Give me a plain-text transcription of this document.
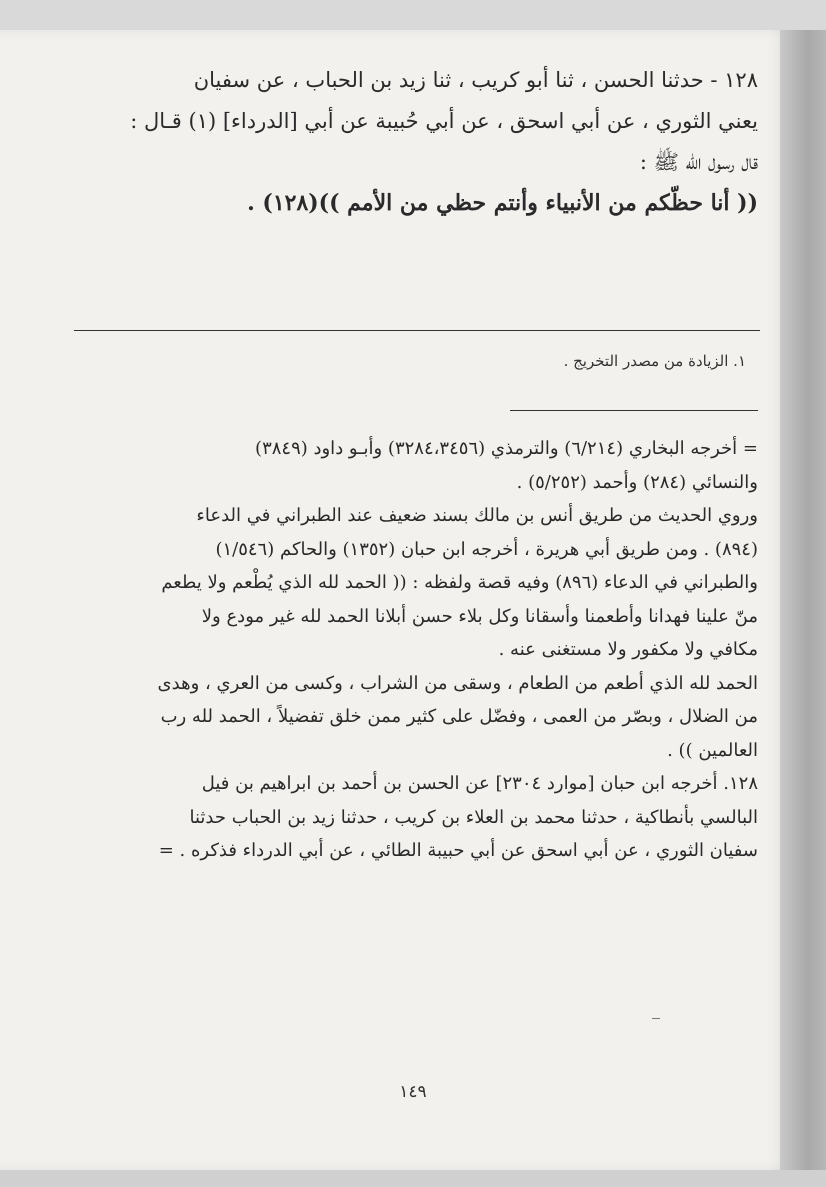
١٢٨ - حدثنا الحسن ، ثنا أبو كريب ، ثنا زيد بن الحباب ، عن سفيان
يعني الثوري ، عن أبي اسحق ، عن أبي حُبيبة عن أبي [الدرداء] (١) قـال :
قال رسول الله ﷺ :
(( أنا حظّكم من الأنبياء وأنتم حظي من الأمم ))(١٢٨) .
١. الزيادة من مصدر التخريج .
= أخرجه البخاري (٦/٢١٤) والترمذي (٣٢٨٤،٣٤٥٦) وأبـو داود (٣٨٤٩)
والنسائي (٢٨٤) وأحمد (٥/٢٥٢) .
وروي الحديث من طريق أنس بن مالك بسند ضعيف عند الطبراني في الدعاء
(٨٩٤) . ومن طريق أبي هريرة ، أخرجه ابن حبان (١٣٥٢) والحاكم (١/٥٤٦)
والطبراني في الدعاء (٨٩٦) وفيه قصة ولفظه : (( الحمد لله الذي يُطْعم ولا يطعم
منّ علينا فهدانا وأطعمنا وأسقانا وكل بلاء حسن أبلانا الحمد لله غير مودع ولا
مكافي ولا مكفور ولا مستغنى عنه .
الحمد لله الذي أطعم من الطعام ، وسقى من الشراب ، وكسى من العري ، وهدى
من الضلال ، وبصّر من العمى ، وفضّل على كثير ممن خلق تفضيلاً ، الحمد لله رب
العالمين )) .
١٢٨. أخرجه ابن حبان [موارد ٢٣٠٤] عن الحسن بن أحمد بن ابراهيم بن فيل
البالسي بأنطاكية ، حدثنا محمد بن العلاء بن كريب ، حدثنا زيد بن الحباب حدثنا
سفيان الثوري ، عن أبي اسحق عن أبي حبيبة الطائي ، عن أبي الدرداء فذكره . =
١٤٩
